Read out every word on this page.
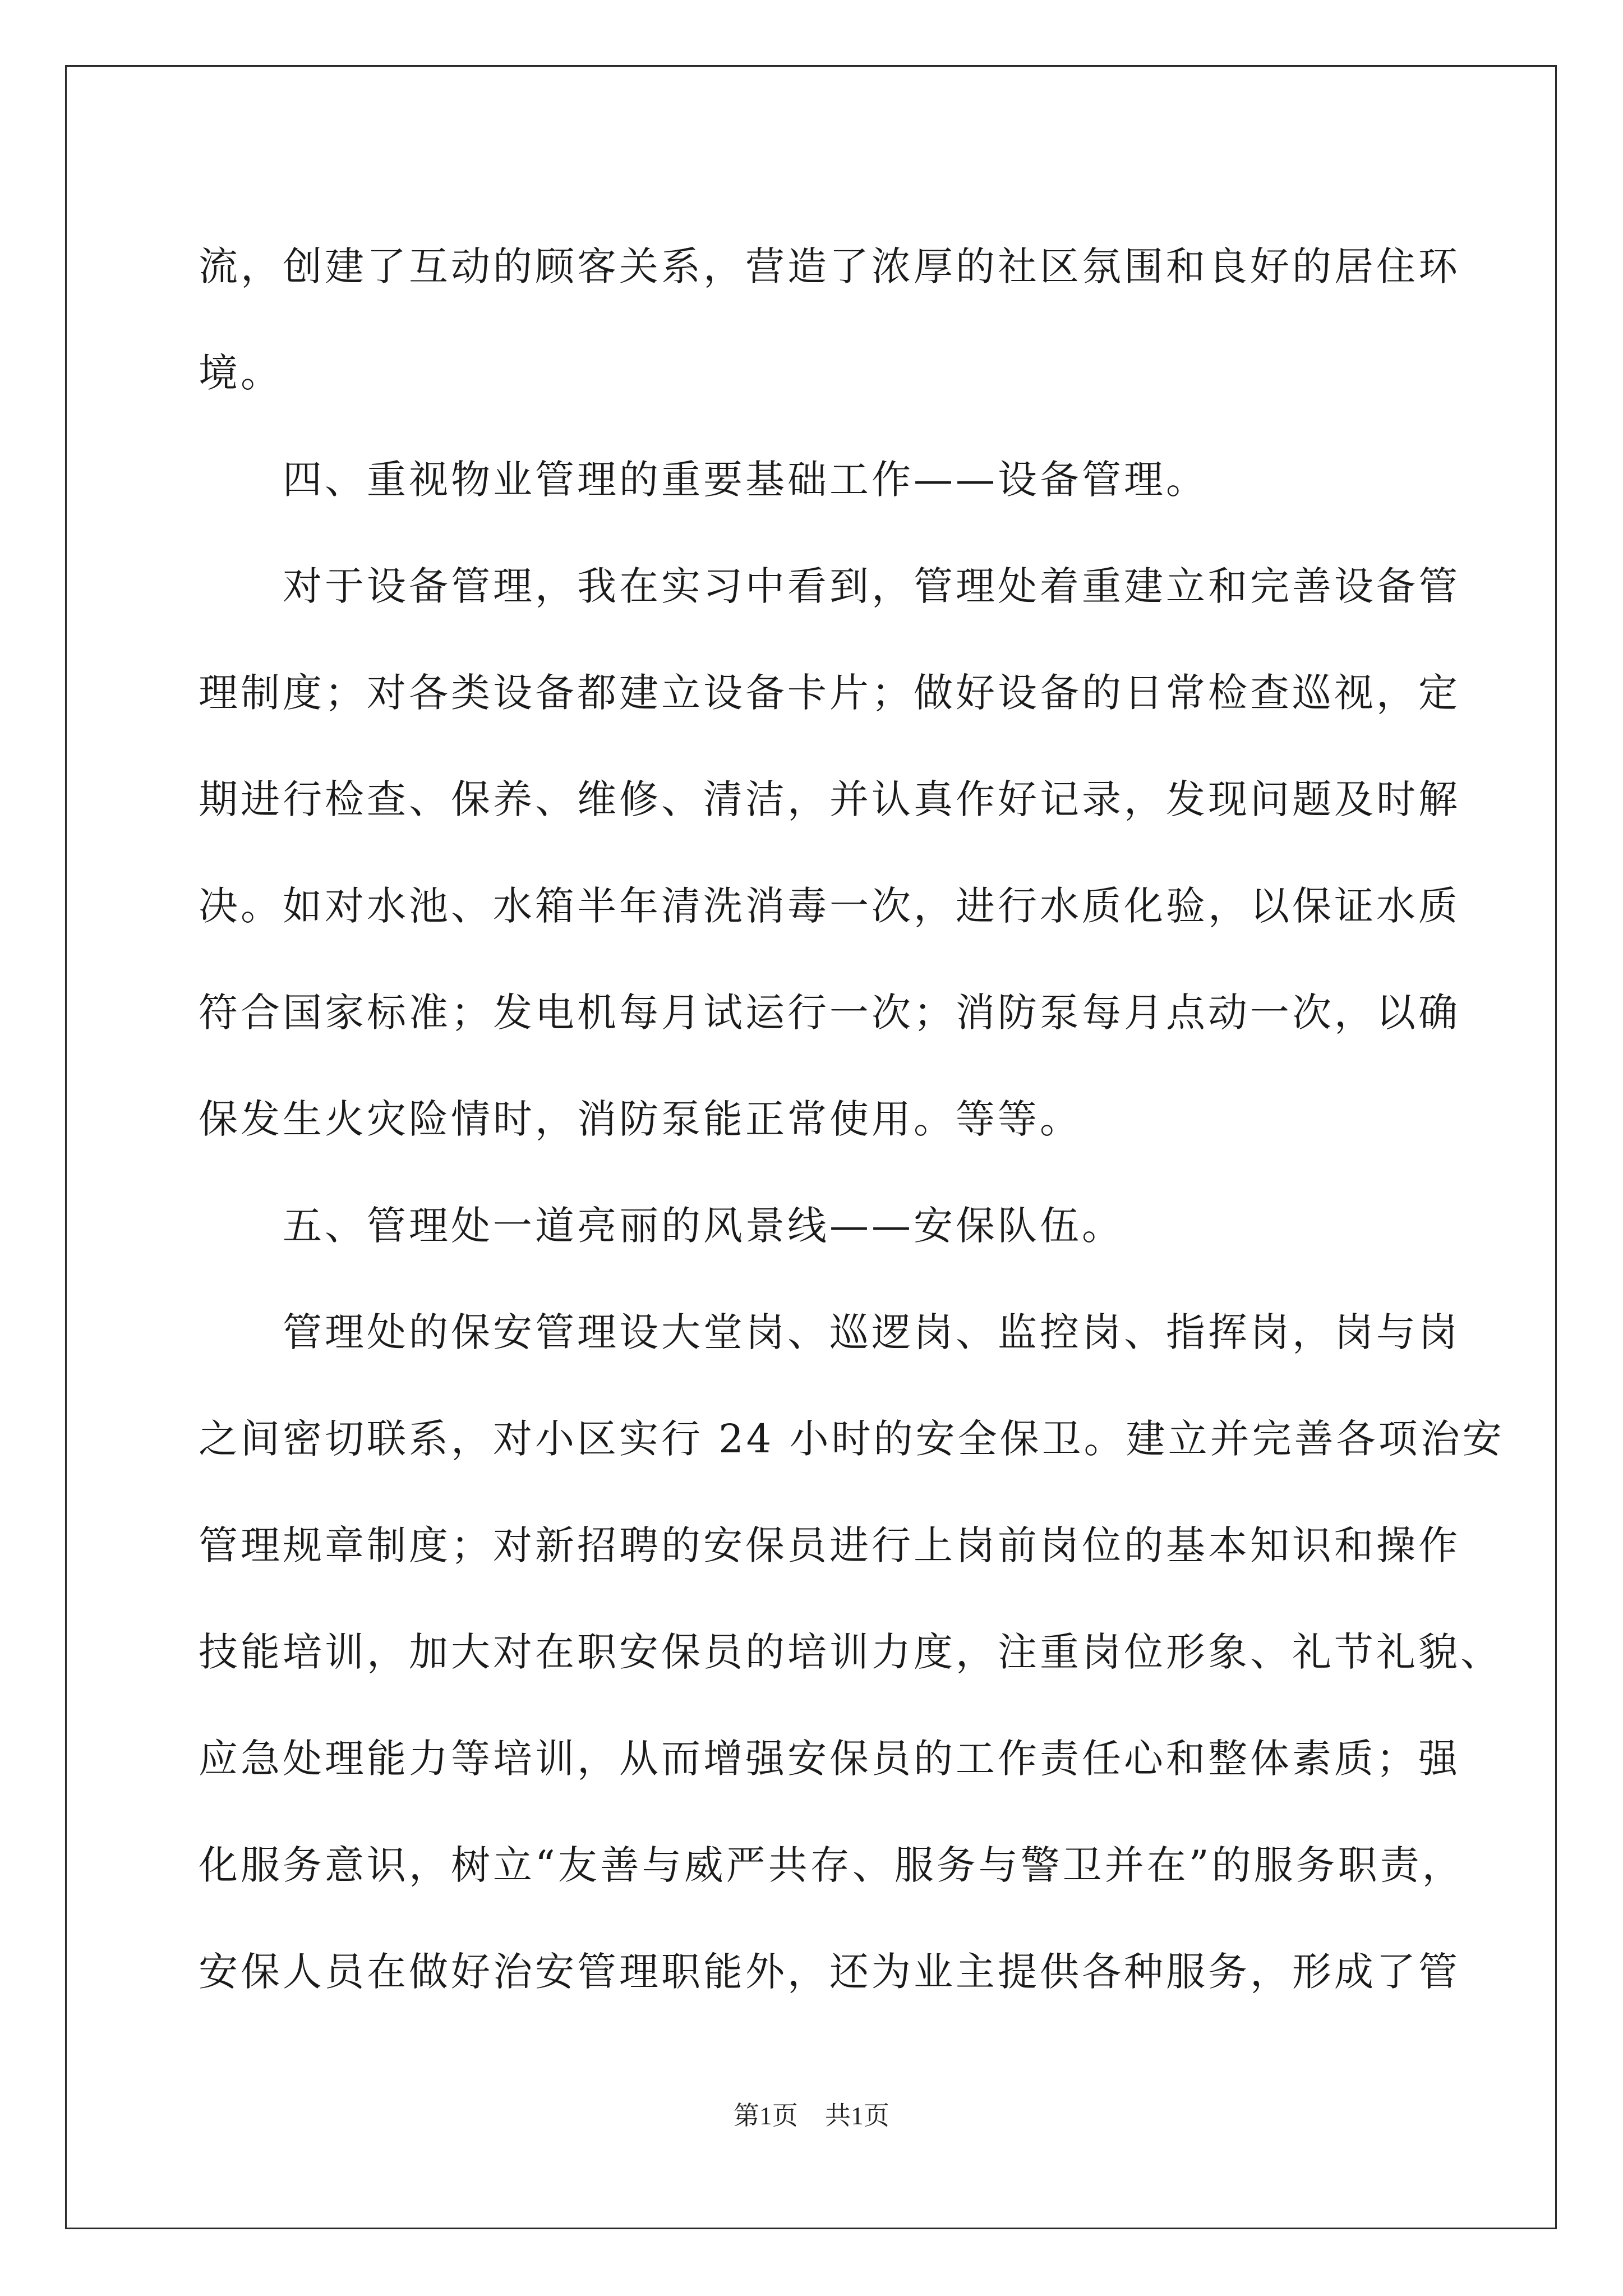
流，创建了互动的顾客关系，营造了浓厚的社区氛围和良好的居住环
境。
四、重视物业管理的重要基础工作——设备管理。
对于设备管理，我在实习中看到，管理处着重建立和完善设备管
理制度；对各类设备都建立设备卡片；做好设备的日常检查巡视，定
期进行检查、保养、维修、清洁，并认真作好记录，发现问题及时解
决。如对水池、水箱半年清洗消毒一次，进行水质化验，以保证水质
符合国家标准；发电机每月试运行一次；消防泵每月点动一次，以确
保发生火灾险情时，消防泵能正常使用。等等。
五、管理处一道亮丽的风景线——安保队伍。
管理处的保安管理设大堂岗、巡逻岗、监控岗、指挥岗，岗与岗
之间密切联系，对小区实行 24 小时的安全保卫。建立并完善各项治安
管理规章制度；对新招聘的安保员进行上岗前岗位的基本知识和操作
技能培训，加大对在职安保员的培训力度，注重岗位形象、礼节礼貌、
应急处理能力等培训，从而增强安保员的工作责任心和整体素质；强
化服务意识，树立“友善与威严共存、服务与警卫并在”的服务职责，
安保人员在做好治安管理职能外，还为业主提供各种服务，形成了管
第1页 共1页
